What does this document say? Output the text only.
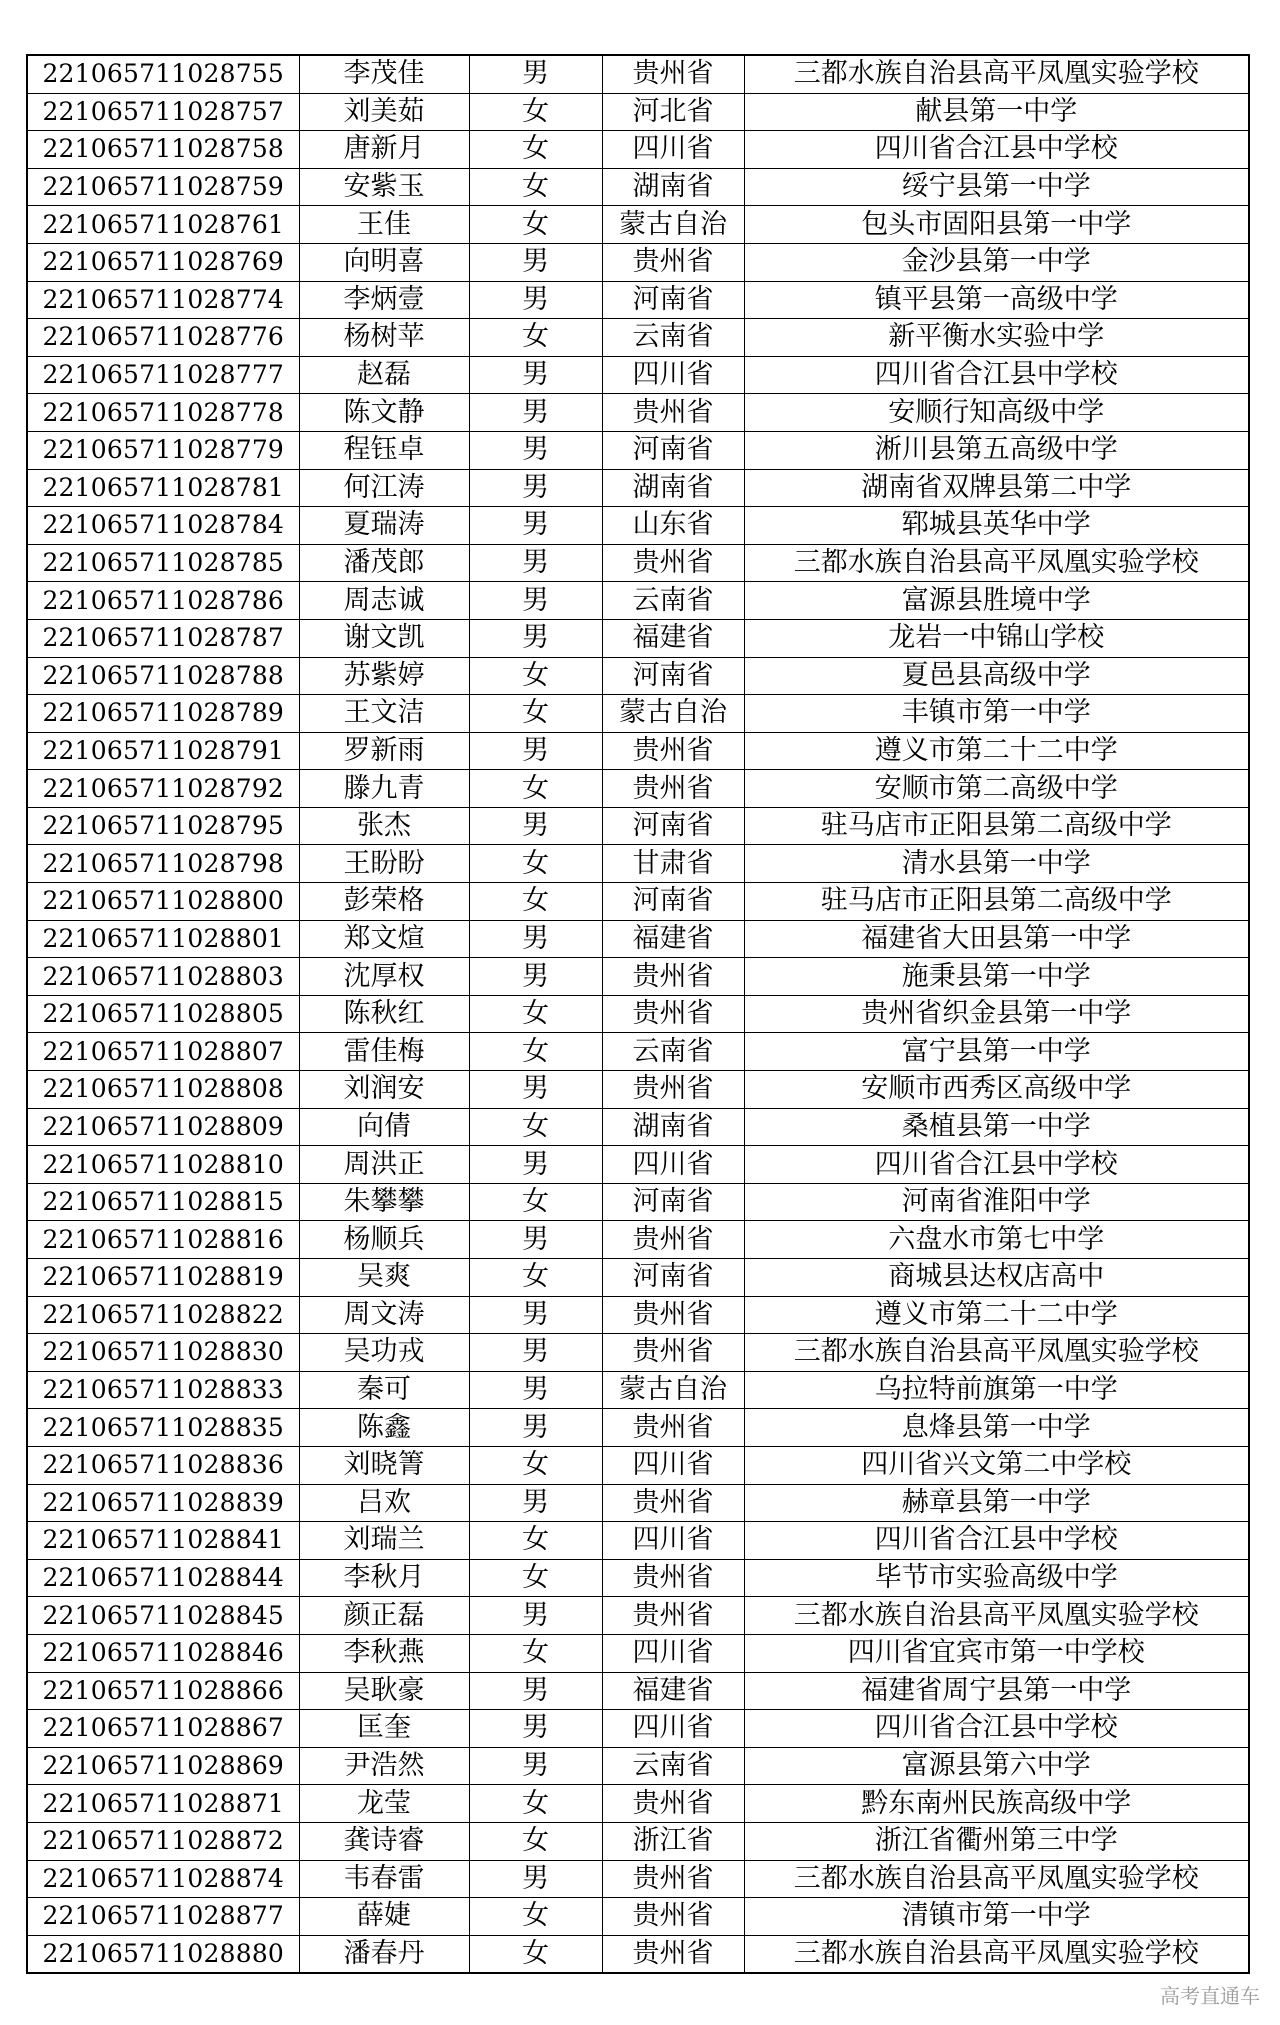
221065711028755	李茂佳	男	贵州省	三都水族自治县高平凤凰实验学校
221065711028757	刘美茹	女	河北省	献县第一中学
221065711028758	唐新月	女	四川省	四川省合江县中学校
221065711028759	安紫玉	女	湖南省	绥宁县第一中学
221065711028761	王佳	女	蒙古自治	包头市固阳县第一中学
221065711028769	向明喜	男	贵州省	金沙县第一中学
221065711028774	李炳壹	男	河南省	镇平县第一高级中学
221065711028776	杨树苹	女	云南省	新平衡水实验中学
221065711028777	赵磊	男	四川省	四川省合江县中学校
221065711028778	陈文静	男	贵州省	安顺行知高级中学
221065711028779	程钰卓	男	河南省	淅川县第五高级中学
221065711028781	何江涛	男	湖南省	湖南省双牌县第二中学
221065711028784	夏瑞涛	男	山东省	郓城县英华中学
221065711028785	潘茂郎	男	贵州省	三都水族自治县高平凤凰实验学校
221065711028786	周志诚	男	云南省	富源县胜境中学
221065711028787	谢文凯	男	福建省	龙岩一中锦山学校
221065711028788	苏紫婷	女	河南省	夏邑县高级中学
221065711028789	王文洁	女	蒙古自治	丰镇市第一中学
221065711028791	罗新雨	男	贵州省	遵义市第二十二中学
221065711028792	滕九青	女	贵州省	安顺市第二高级中学
221065711028795	张杰	男	河南省	驻马店市正阳县第二高级中学
221065711028798	王盼盼	女	甘肃省	清水县第一中学
221065711028800	彭荣格	女	河南省	驻马店市正阳县第二高级中学
221065711028801	郑文煊	男	福建省	福建省大田县第一中学
221065711028803	沈厚权	男	贵州省	施秉县第一中学
221065711028805	陈秋红	女	贵州省	贵州省织金县第一中学
221065711028807	雷佳梅	女	云南省	富宁县第一中学
221065711028808	刘润安	男	贵州省	安顺市西秀区高级中学
221065711028809	向倩	女	湖南省	桑植县第一中学
221065711028810	周洪正	男	四川省	四川省合江县中学校
221065711028815	朱攀攀	女	河南省	河南省淮阳中学
221065711028816	杨顺兵	男	贵州省	六盘水市第七中学
221065711028819	吴爽	女	河南省	商城县达权店高中
221065711028822	周文涛	男	贵州省	遵义市第二十二中学
221065711028830	吴功戎	男	贵州省	三都水族自治县高平凤凰实验学校
221065711028833	秦可	男	蒙古自治	乌拉特前旗第一中学
221065711028835	陈鑫	男	贵州省	息烽县第一中学
221065711028836	刘晓箐	女	四川省	四川省兴文第二中学校
221065711028839	吕欢	男	贵州省	赫章县第一中学
221065711028841	刘瑞兰	女	四川省	四川省合江县中学校
221065711028844	李秋月	女	贵州省	毕节市实验高级中学
221065711028845	颜正磊	男	贵州省	三都水族自治县高平凤凰实验学校
221065711028846	李秋燕	女	四川省	四川省宜宾市第一中学校
221065711028866	吴耿豪	男	福建省	福建省周宁县第一中学
221065711028867	匡奎	男	四川省	四川省合江县中学校
221065711028869	尹浩然	男	云南省	富源县第六中学
221065711028871	龙莹	女	贵州省	黔东南州民族高级中学
221065711028872	龚诗睿	女	浙江省	浙江省衢州第三中学
221065711028874	韦春雷	男	贵州省	三都水族自治县高平凤凰实验学校
221065711028877	薛婕	女	贵州省	清镇市第一中学
221065711028880	潘春丹	女	贵州省	三都水族自治县高平凤凰实验学校
高考直通车
